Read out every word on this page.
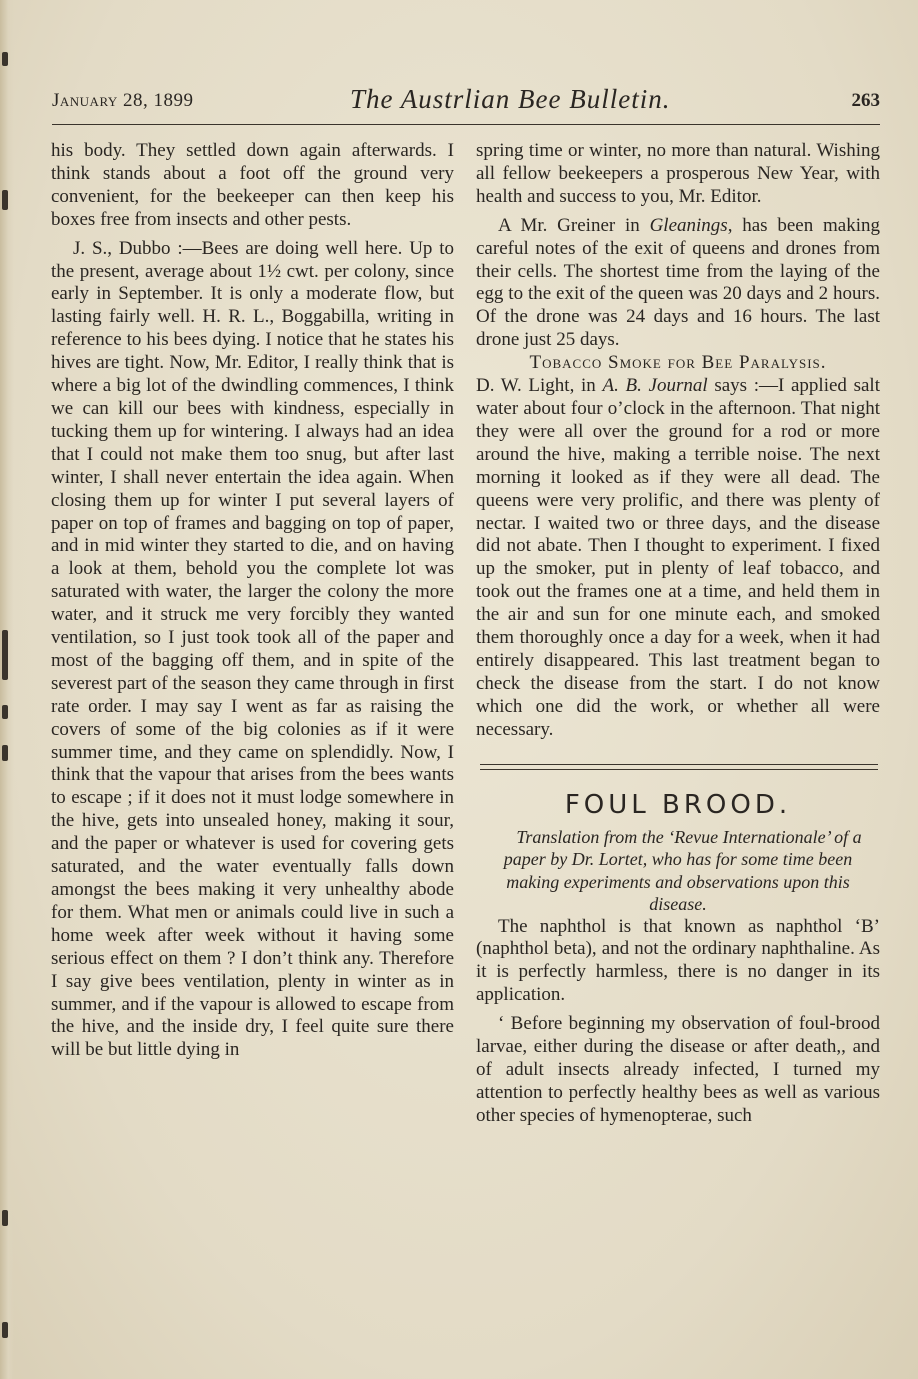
January 28, 1899	The Austrlian Bee Bulletin.	263

his body. They settled down again afterwards. I think stands about a foot off the ground very convenient, for the beekeeper can then keep his boxes free from insects and other pests.

J. S., Dubbo :—Bees are doing well here. Up to the present, average about 1½ cwt. per colony, since early in September. It is only a moderate flow, but lasting fairly well. H. R. L., Boggabilla, writing in reference to his bees dying. I notice that he states his hives are tight. Now, Mr. Editor, I really think that is where a big lot of the dwindling commences, I think we can kill our bees with kindness, especially in tucking them up for wintering. I always had an idea that I could not make them too snug, but after last winter, I shall never entertain the idea again. When closing them up for winter I put several layers of paper on top of frames and bagging on top of paper, and in mid winter they started to die, and on having a look at them, behold you the complete lot was saturated with water, the larger the colony the more water, and it struck me very forcibly they wanted ventilation, so I just took took all of the paper and most of the bagging off them, and in spite of the severest part of the season they came through in first rate order. I may say I went as far as raising the covers of some of the big colonies as if it were summer time, and they came on splendidly. Now, I think that the vapour that arises from the bees wants to escape ; if it does not it must lodge somewhere in the hive, gets into unsealed honey, making it sour, and the paper or whatever is used for covering gets saturated, and the water eventually falls down amongst the bees making it very unhealthy abode for them. What men or animals could live in such a home week after week without it having some serious effect on them ? I don’t think any. Therefore I say give bees ventilation, plenty in winter as in summer, and if the vapour is allowed to escape from the hive, and the inside dry, I feel quite sure there will be but little dying in

spring time or winter, no more than natural. Wishing all fellow beekeepers a prosperous New Year, with health and success to you, Mr. Editor.

A Mr. Greiner in Gleanings, has been making careful notes of the exit of queens and drones from their cells. The shortest time from the laying of the egg to the exit of the queen was 20 days and 2 hours. Of the drone was 24 days and 16 hours. The last drone just 25 days.

Tobacco Smoke for Bee Paralysis.

D. W. Light, in A. B. Journal says :—I applied salt water about four o’clock in the afternoon. That night they were all over the ground for a rod or more around the hive, making a terrible noise. The next morning it looked as if they were all dead. The queens were very prolific, and there was plenty of nectar. I waited two or three days, and the disease did not abate. Then I thought to experiment. I fixed up the smoker, put in plenty of leaf tobacco, and took out the frames one at a time, and held them in the air and sun for one minute each, and smoked them thoroughly once a day for a week, when it had entirely disappeared. This last treatment began to check the disease from the start. I do not know which one did the work, or whether all were necessary.

FOUL BROOD.

Translation from the ‘Revue Internationale’ of a paper by Dr. Lortet, who has for some time been making experiments and observations upon this disease.

The naphthol is that known as naphthol ‘B’ (naphthol beta), and not the ordinary naphthaline. As it is perfectly harmless, there is no danger in its application.

‘ Before beginning my observation of foul-brood larvae, either during the disease or after death,, and of adult insects already infected, I turned my attention to perfectly healthy bees as well as various other species of hymenopterae, such
